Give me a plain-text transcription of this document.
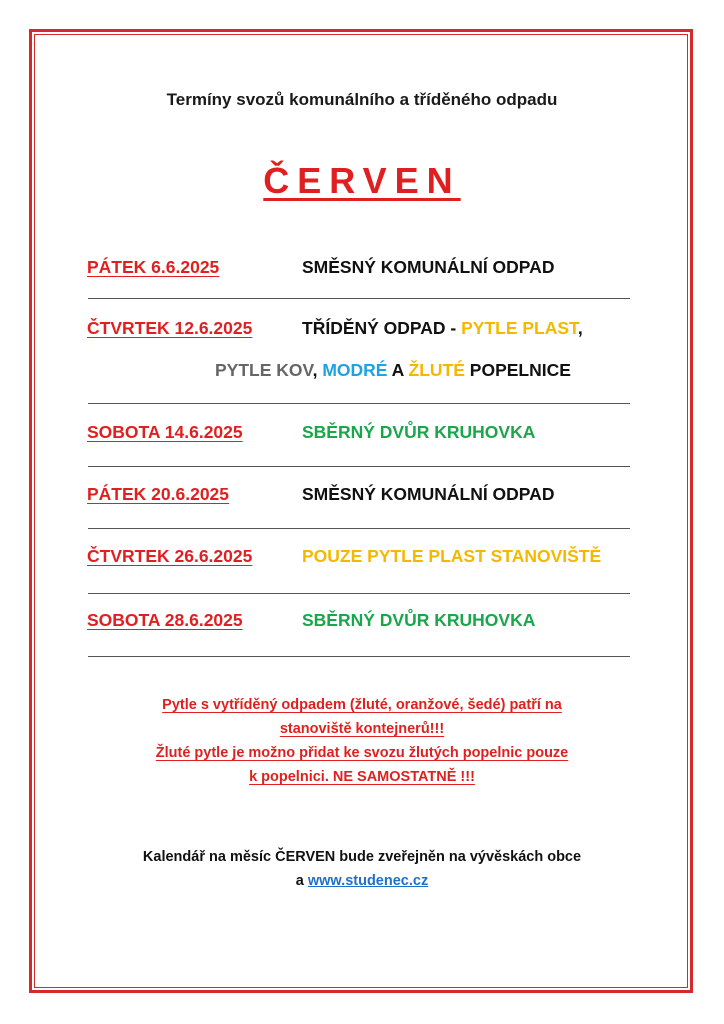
Termíny svozů komunálního a tříděného odpadu
ČERVEN
PÁTEK 6.6.2025	SMĚSNÝ KOMUNÁLNÍ ODPAD
ČTVRTEK 12.6.2025	TŘÍDĚNÝ ODPAD - PYTLE PLAST,
PYTLE KOV, MODRÉ A ŽLUTÉ POPELNICE
SOBOTA 14.6.2025	SBĚRNÝ DVŮR KRUHOVKA
PÁTEK 20.6.2025	SMĚSNÝ KOMUNÁLNÍ ODPAD
ČTVRTEK 26.6.2025	POUZE PYTLE PLAST STANOVIŠTĚ
SOBOTA 28.6.2025	SBĚRNÝ DVŮR KRUHOVKA
Pytle s vytříděný odpadem (žluté, oranžové, šedé) patří na
stanoviště kontejnerů!!!
Žluté pytle je možno přidat ke svozu žlutých popelnic pouze
k popelnici. NE SAMOSTATNĚ !!!
Kalendář na měsíc ČERVEN bude zveřejněn na vývěskách obce
a www.studenec.cz
